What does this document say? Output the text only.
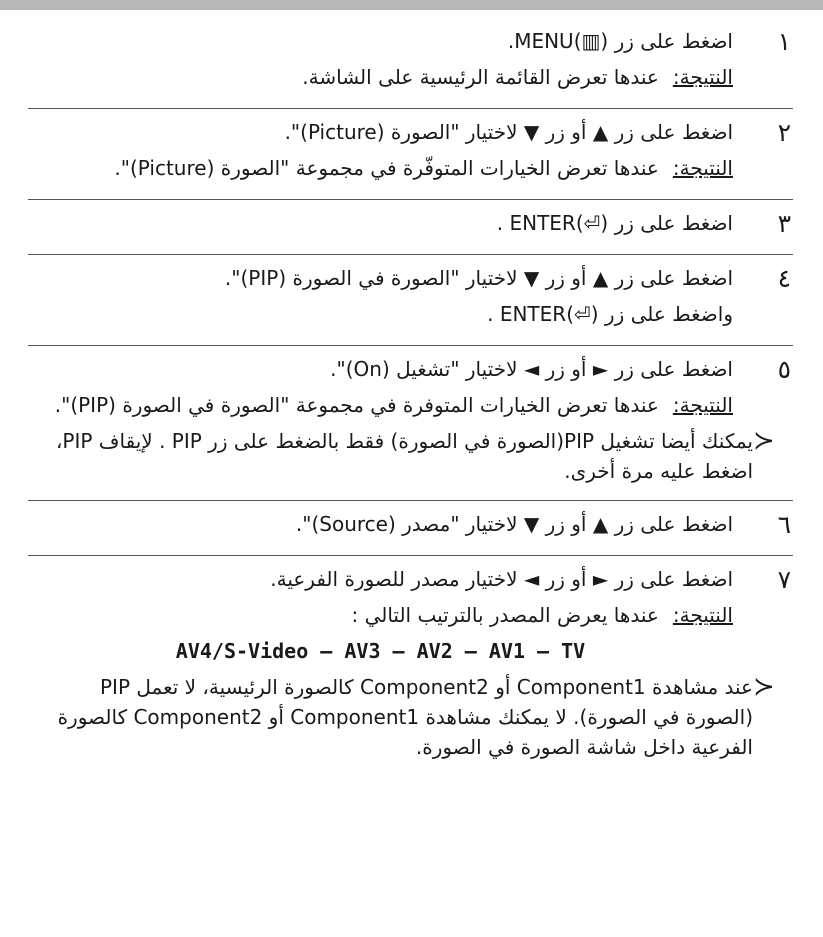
١
اضغط على زر (▥)MENU.
النتيجة:
عندها تعرض القائمة الرئيسية على الشاشة.
٢
اضغط على زر ▲ أو زر ▼ لاختيار "الصورة (Picture)".
النتيجة:
عندها تعرض الخيارات المتوفّرة في مجموعة "الصورة (Picture)".
٣
اضغط على زر (⏎)ENTER .
٤
اضغط على زر ▲ أو زر ▼ لاختيار "الصورة في الصورة (PIP)".
واضغط على زر (⏎)ENTER .
٥
اضغط على زر ► أو زر ◄ لاختيار "تشغيل (On)".
النتيجة:
عندها تعرض الخيارات المتوفرة في مجموعة "الصورة في الصورة (PIP)".
≺
يمكنك أيضا تشغيل PIP(الصورة في الصورة) فقط بالضغط على زر PIP . لإيقاف PIP، اضغط عليه مرة أخرى.
٦
اضغط على زر ▲ أو زر ▼ لاختيار "مصدر (Source)".
٧
اضغط على زر ► أو زر ◄ لاختيار مصدر للصورة الفرعية.
النتيجة:
عندها يعرض المصدر بالترتيب التالي :
AV4/S-Video – AV3 – AV2 – AV1 – TV
≺
عند مشاهدة Component1 أو Component2 كالصورة الرئيسية، لا تعمل PIP (الصورة في الصورة). لا يمكنك مشاهدة Component1 أو Component2 كالصورة الفرعية داخل شاشة الصورة في الصورة.
